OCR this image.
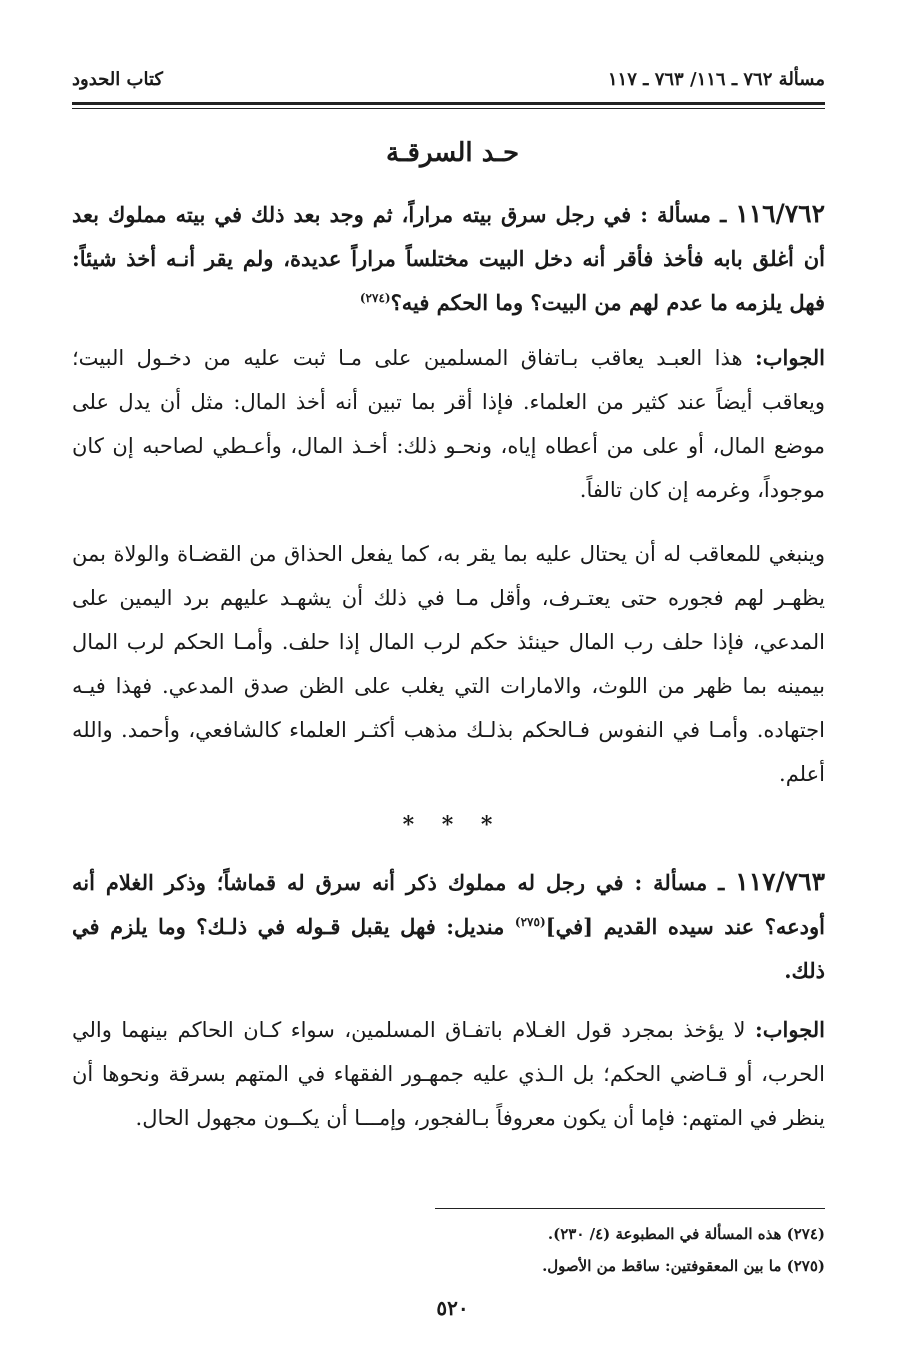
مسألة ٧٦٢ ـ ١١٦/ ٧٦٣ ـ ١١٧
كتاب الحدود
حـد السرقـة
١١٦/٧٦٢ ـ مسألة : في رجل سرق بيته مراراً، ثم وجد بعد ذلك في بيته مملوك بعد أن أغلق بابه فأخذ فأقر أنه دخل البيت مختلساً مراراً عديدة، ولم يقر أنـه أخذ شيئاً: فهل يلزمه ما عدم لهم من البيت؟ وما الحكم فيه؟$^{(٢٧٤)}$
الجواب: هذا العبـد يعاقب بـاتفاق المسلمين على مـا ثبت عليه من دخـول البيت؛ ويعاقب أيضاً عند كثير من العلماء. فإذا أقر بما تبين أنه أخذ المال: مثل أن يدل على موضع المال، أو على من أعطاه إياه، ونحـو ذلك: أخـذ المال، وأعـطي لصاحبه إن كان موجوداً، وغرمه إن كان تالفاً.
وينبغي للمعاقب له أن يحتال عليه بما يقر به، كما يفعل الحذاق من القضـاة والولاة بمن يظهـر لهم فجوره حتى يعتـرف، وأقل مـا في ذلك أن يشهـد عليهم برد اليمين على المدعي، فإذا حلف رب المال حينئذ حكم لرب المال إذا حلف. وأمـا الحكم لرب المال بيمينه بما ظهر من اللوث، والامارات التي يغلب على الظن صدق المدعي. فهذا فيـه اجتهاده. وأمـا في النفوس فـالحكم بذلـك مذهب أكثـر العلماء كالشافعي، وأحمد. والله أعلم.
* * *
١١٧/٧٦٣ ـ مسألة : في رجل له مملوك ذكر أنه سرق له قماشاً؛ وذكر الغلام أنه أودعه؟ عند سيده القديم [في]$^{(٢٧٥)}$ منديل: فهل يقبل قـوله في ذلـك؟ وما يلزم في ذلك.
الجواب: لا يؤخذ بمجرد قول الغـلام باتفـاق المسلمين، سواء كـان الحاكم بينهما والي الحرب، أو قـاضي الحكم؛ بل الـذي عليه جمهـور الفقهاء في المتهم بسرقة ونحوها أن ينظر في المتهم: فإما أن يكون معروفاً بـالفجور، وإمـــا أن يكــون مجهول الحال.
(٢٧٤) هذه المسألة في المطبوعة (٤/ ٢٣٠).
(٢٧٥) ما بين المعقوفتين: ساقط من الأصول.
٥٢٠
